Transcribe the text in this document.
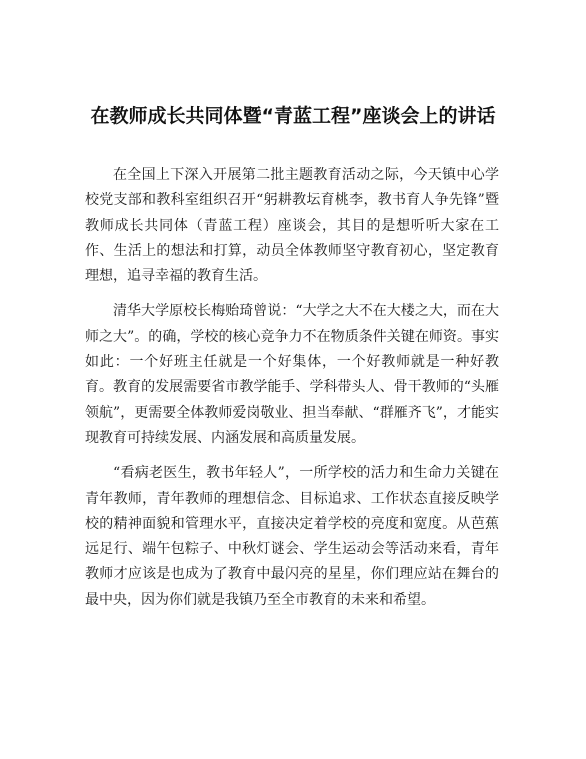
在教师成长共同体暨“青蓝工程”座谈会上的讲话

在全国上下深入开展第二批主题教育活动之际，今天镇中心学校党支部和教科室组织召开“躬耕教坛育桃李，教书育人争先锋”暨教师成长共同体（青蓝工程）座谈会，其目的是想听听大家在工作、生活上的想法和打算，动员全体教师坚守教育初心，坚定教育理想，追寻幸福的教育生活。

清华大学原校长梅贻琦曾说：“大学之大不在大楼之大，而在大师之大”。的确，学校的核心竞争力不在物质条件关键在师资。事实如此：一个好班主任就是一个好集体，一个好教师就是一种好教育。教育的发展需要省市教学能手、学科带头人、骨干教师的“头雁领航”，更需要全体教师爱岗敬业、担当奉献、“群雁齐飞”，才能实现教育可持续发展、内涵发展和高质量发展。

“看病老医生，教书年轻人”，一所学校的活力和生命力关键在青年教师，青年教师的理想信念、目标追求、工作状态直接反映学校的精神面貌和管理水平，直接决定着学校的亮度和宽度。从芭蕉远足行、端午包粽子、中秋灯谜会、学生运动会等活动来看，青年教师才应该是也成为了教育中最闪亮的星星，你们理应站在舞台的最中央，因为你们就是我镇乃至全市教育的未来和希望。
